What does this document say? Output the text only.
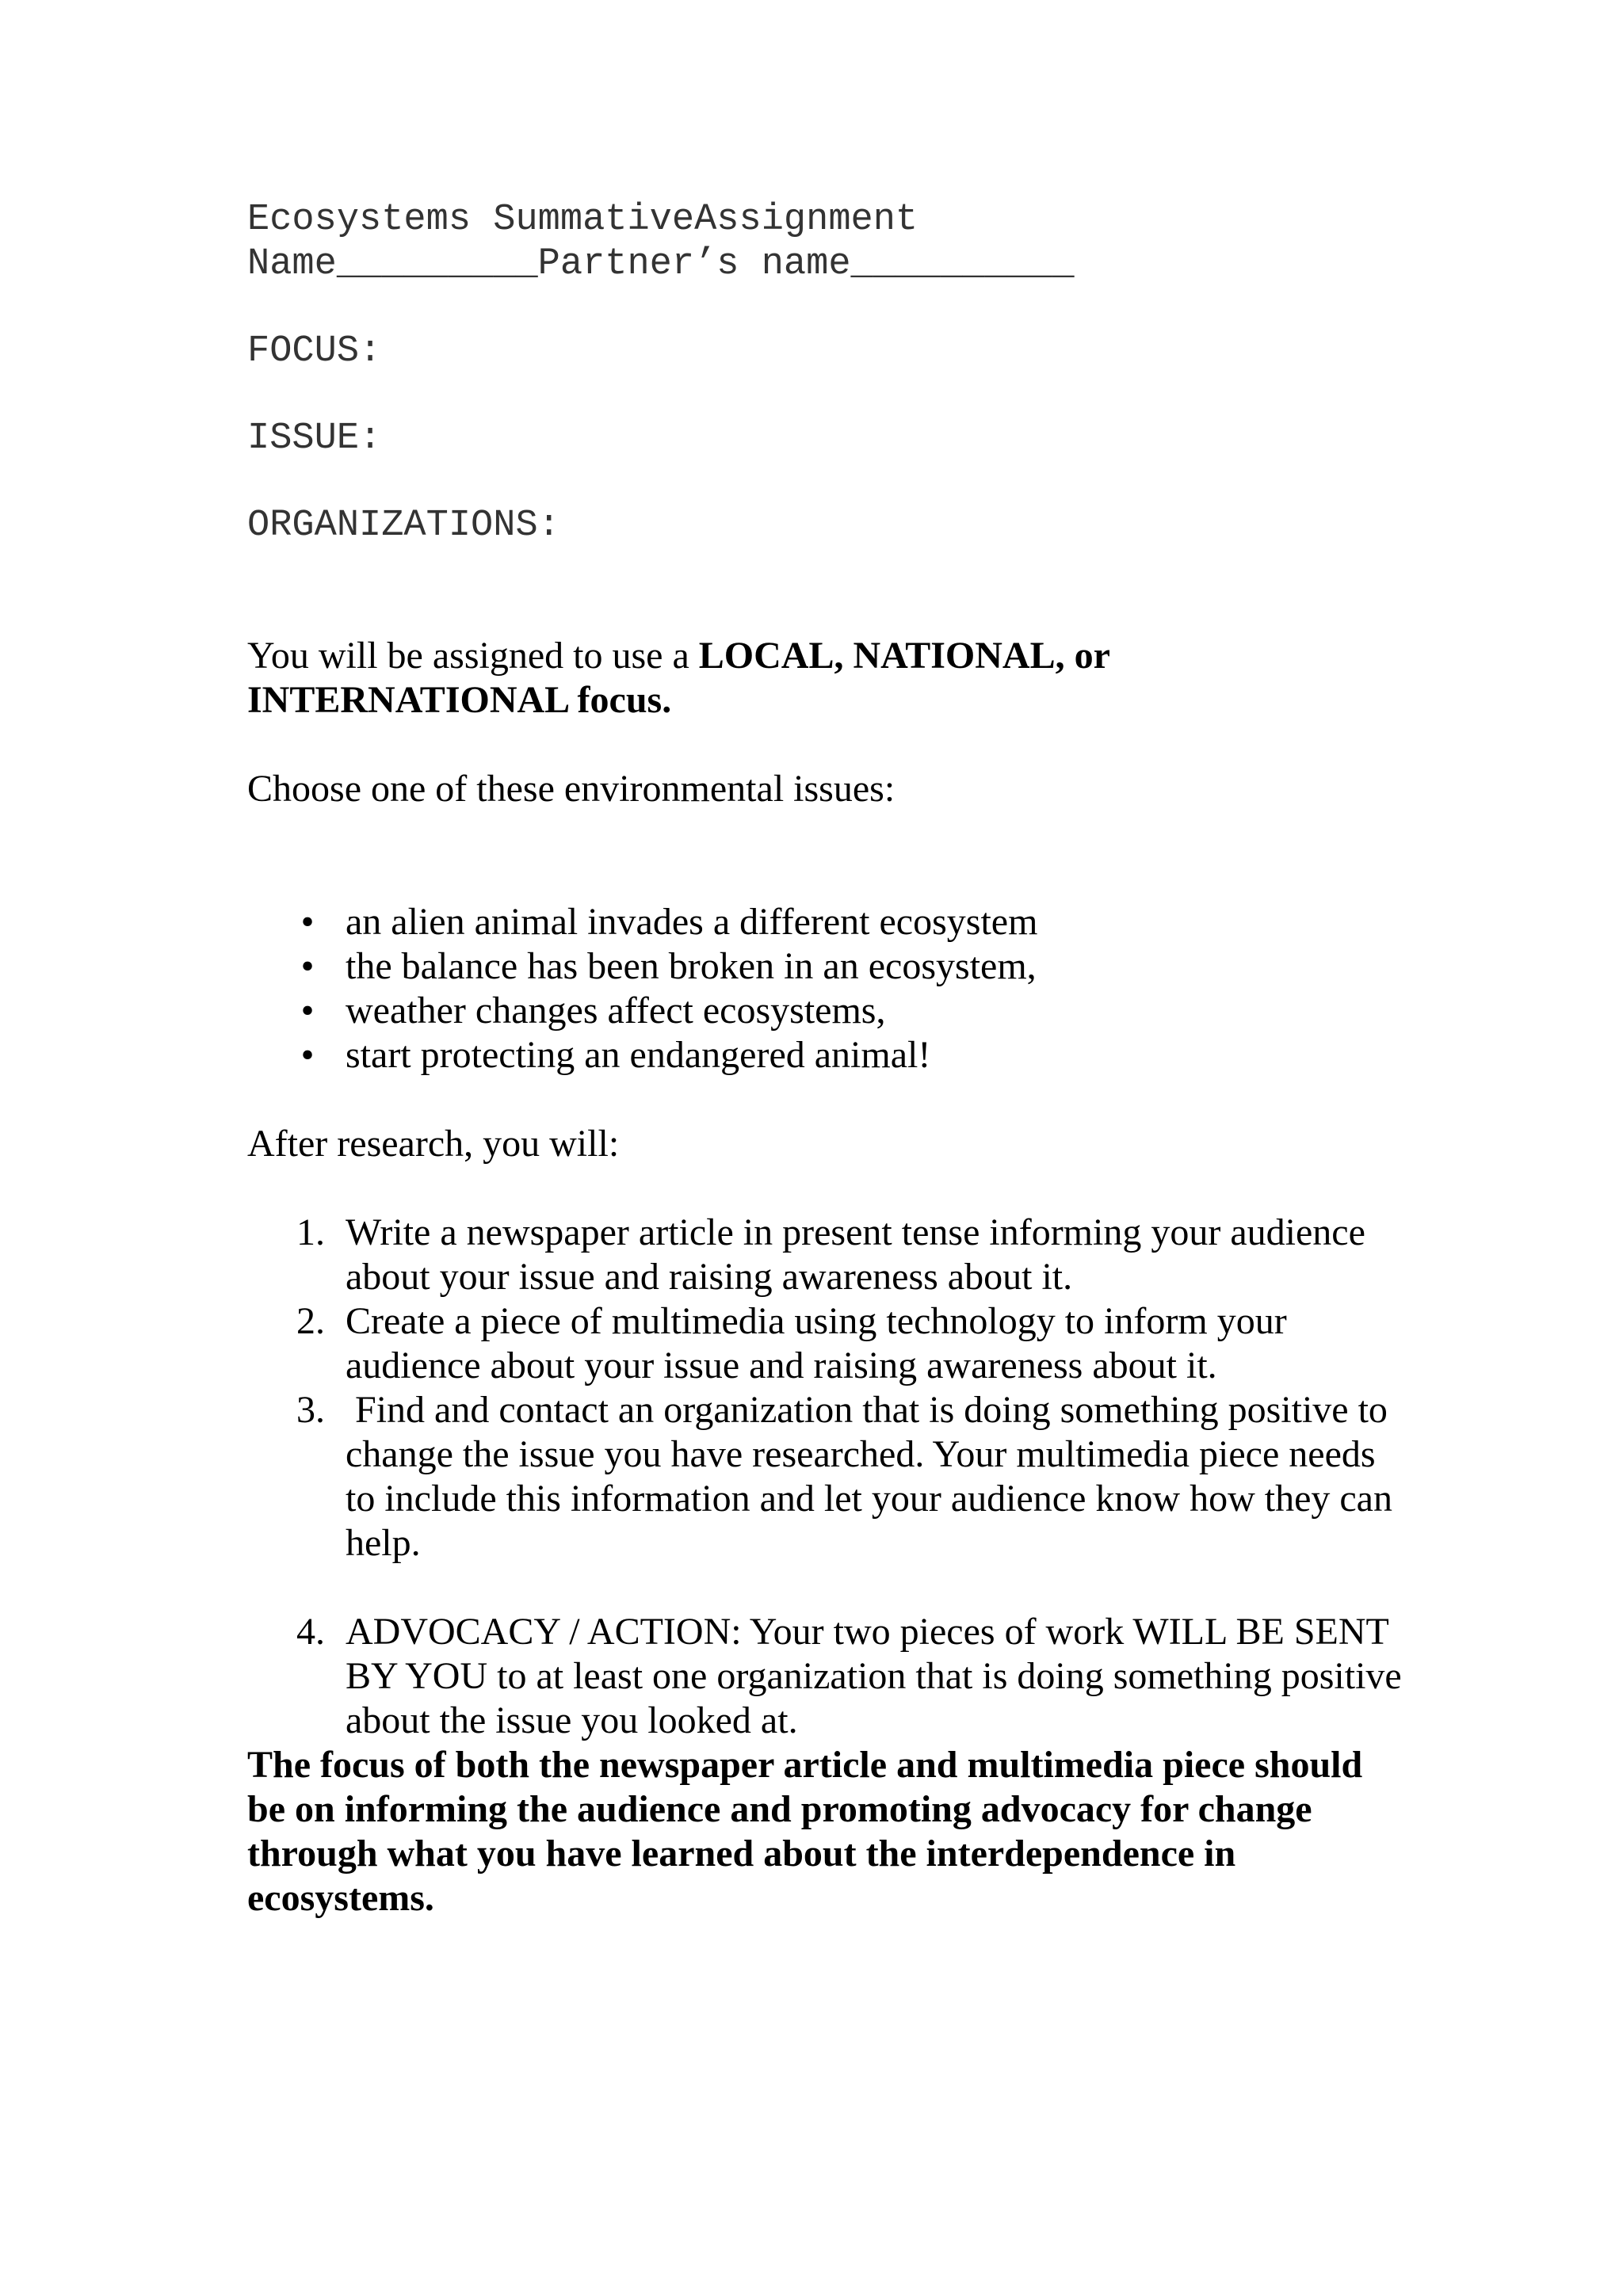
Ecosystems SummativeAssignment

Name_________Partner’s name__________

FOCUS:

ISSUE:

ORGANIZATIONS:

You will be assigned to use a LOCAL, NATIONAL, or
INTERNATIONAL focus.

Choose one of these environmental issues:

• an alien animal invades a different ecosystem
• the balance has been broken in an ecosystem,
• weather changes affect ecosystems,
• start protecting an endangered animal!

After research, you will:

1. Write a newspaper article in present tense informing your audience about your issue and raising awareness about it.
2. Create a piece of multimedia using technology to inform your audience about your issue and raising awareness about it.
3. Find and contact an organization that is doing something positive to change the issue you have researched. Your multimedia piece needs to include this information and let your audience know how they can help.
4. ADVOCACY / ACTION: Your two pieces of work WILL BE SENT BY YOU to at least one organization that is doing something positive about the issue you looked at.

The focus of both the newspaper article and multimedia piece should be on informing the audience and promoting advocacy for change through what you have learned about the interdependence in ecosystems.
